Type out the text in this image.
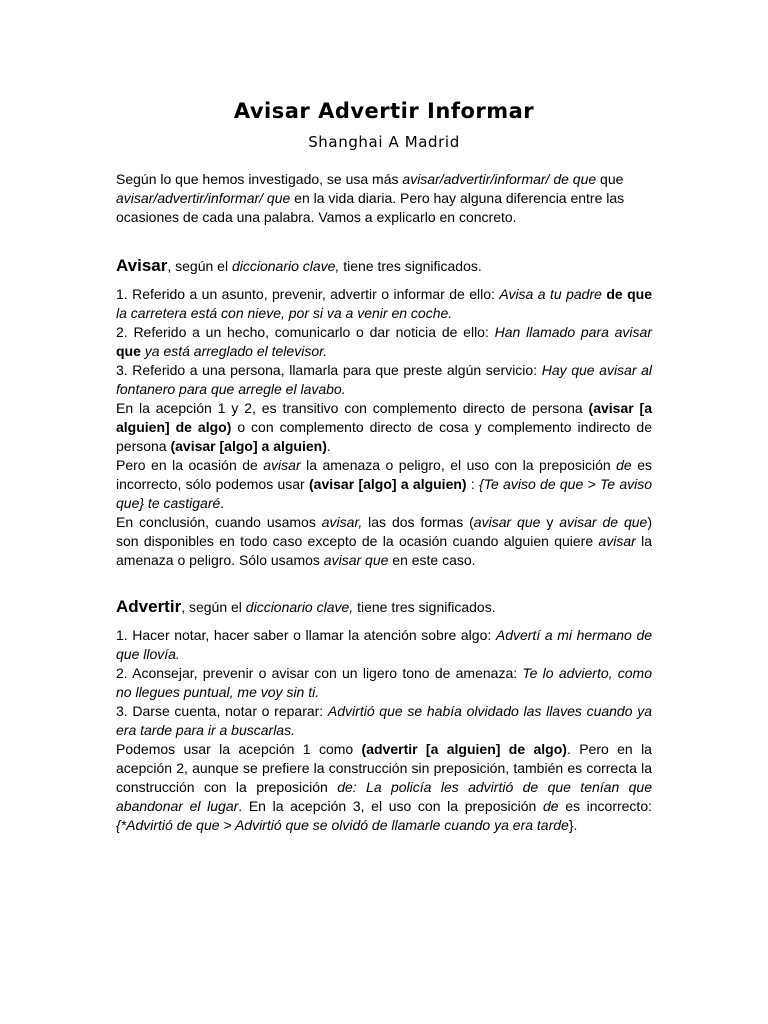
Avisar Advertir Informar
Shanghai A Madrid

Según lo que hemos investigado, se usa más avisar/advertir/informar/ de que que avisar/advertir/informar/ que en la vida diaria. Pero hay alguna diferencia entre las ocasiones de cada una palabra. Vamos a explicarlo en concreto.

Avisar, según el diccionario clave, tiene tres significados.

1. Referido a un asunto, prevenir, advertir o informar de ello: Avisa a tu padre de que la carretera está con nieve, por si va a venir en coche.

2. Referido a un hecho, comunicarlo o dar noticia de ello: Han llamado para avisar que ya está arreglado el televisor.

3. Referido a una persona, llamarla para que preste algún servicio: Hay que avisar al fontanero para que arregle el lavabo.

En la acepción 1 y 2, es transitivo con complemento directo de persona (avisar [a alguien] de algo) o con complemento directo de cosa y complemento indirecto de persona (avisar [algo] a alguien).

Pero en la ocasión de avisar la amenaza o peligro, el uso con la preposición de es incorrecto, sólo podemos usar (avisar [algo] a alguien) : {Te aviso de que > Te aviso que} te castigaré.

En conclusión, cuando usamos avisar, las dos formas (avisar que y avisar de que) son disponibles en todo caso excepto de la ocasión cuando alguien quiere avisar la amenaza o peligro. Sólo usamos avisar que en este caso.

Advertir, según el diccionario clave, tiene tres significados.

1. Hacer notar, hacer saber o llamar la atención sobre algo: Advertí a mi hermano de que llovía.

2. Aconsejar, prevenir o avisar con un ligero tono de amenaza: Te lo advierto, como no llegues puntual, me voy sin ti.

3. Darse cuenta, notar o reparar: Advirtió que se había olvidado las llaves cuando ya era tarde para ir a buscarlas.

Podemos usar la acepción 1 como (advertir [a alguien] de algo). Pero en la acepción 2, aunque se prefiere la construcción sin preposición, también es correcta la construcción con la preposición de: La policía les advirtió de que tenían que abandonar el lugar. En la acepción 3, el uso con la preposición de es incorrecto: {*Advirtió de que > Advirtió que se olvidó de llamarle cuando ya era tarde}.
